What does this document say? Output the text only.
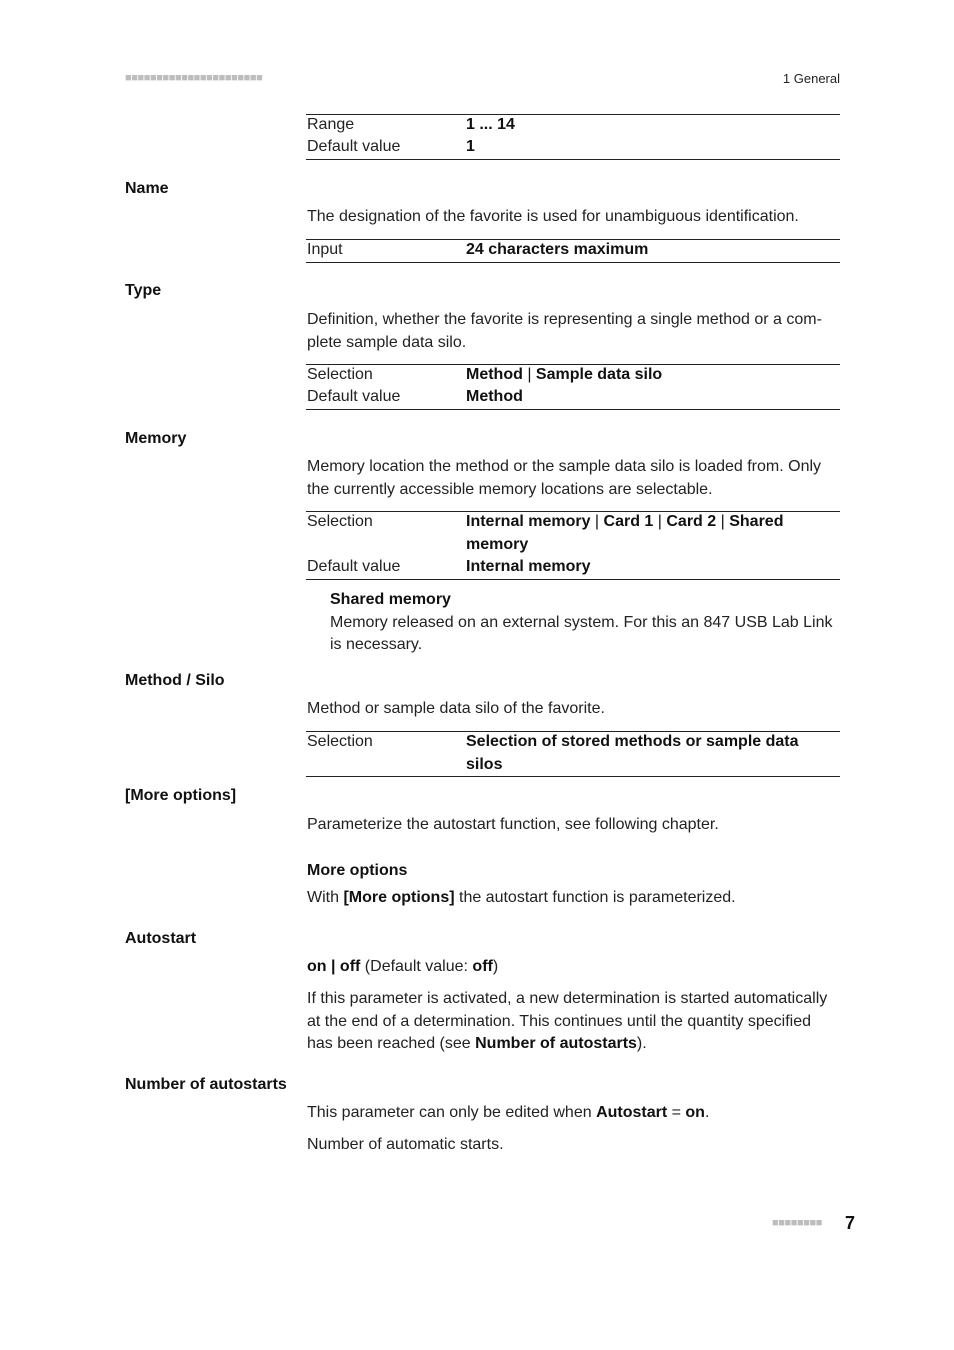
■■■■■■■■■■■■■■■■■■■■■■	1 General
Range	1 ... 14
Default value	1
Name
The designation of the favorite is used for unambiguous identification.
Input	24 characters maximum
Type
Definition, whether the favorite is representing a single method or a com-plete sample data silo.
Selection	Method | Sample data silo
Default value	Method
Memory
Memory location the method or the sample data silo is loaded from. Only the currently accessible memory locations are selectable.
Selection	Internal memory | Card 1 | Card 2 | Shared memory
Default value	Internal memory
Shared memory
Memory released on an external system. For this an 847 USB Lab Link is necessary.
Method / Silo
Method or sample data silo of the favorite.
Selection	Selection of stored methods or sample data silos
[More options]
Parameterize the autostart function, see following chapter.
More options
With [More options] the autostart function is parameterized.
Autostart
on | off (Default value: off)
If this parameter is activated, a new determination is started automatically at the end of a determination. This continues until the quantity specified has been reached (see Number of autostarts).
Number of autostarts
This parameter can only be edited when Autostart = on.
Number of automatic starts.
■■■■■■■■ 7
